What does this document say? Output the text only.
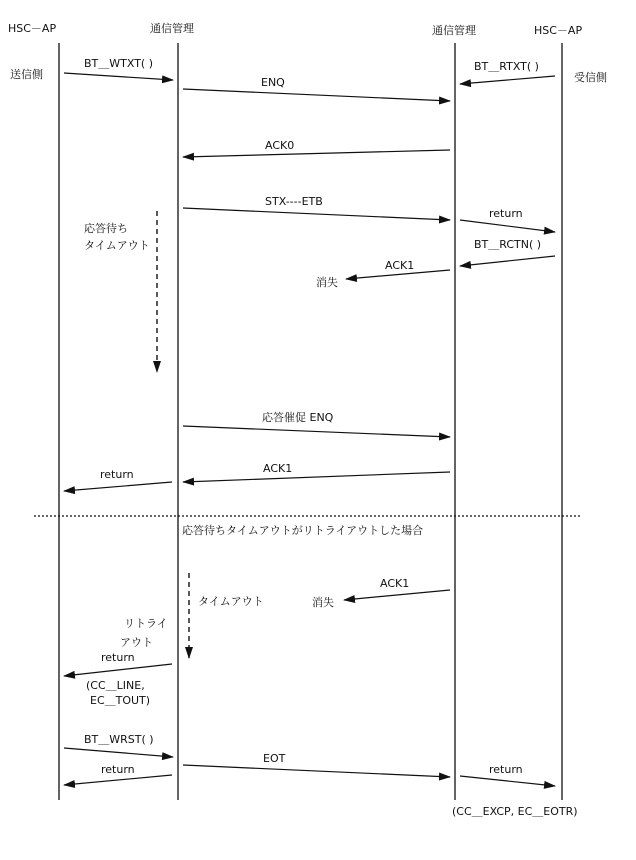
HSC－AP	通信管理	通信管理	HSC－AP
送信側	受信側
BT＿WTXT( )	BT＿RTXT( )
ENQ
ACK0
STX----ETB
return
BT＿RCTN( )
ACK1
消失
応答待ち
タイムアウト
応答催促 ENQ
ACK1
return
応答待ちタイムアウトがリトライアウトした場合
タイムアウト
ACK1
消失
リトライ
アウト
return
(CC＿LINE,
EC＿TOUT)
BT＿WRST( )
EOT
return	return
(CC＿EXCP, EC＿EOTR)
